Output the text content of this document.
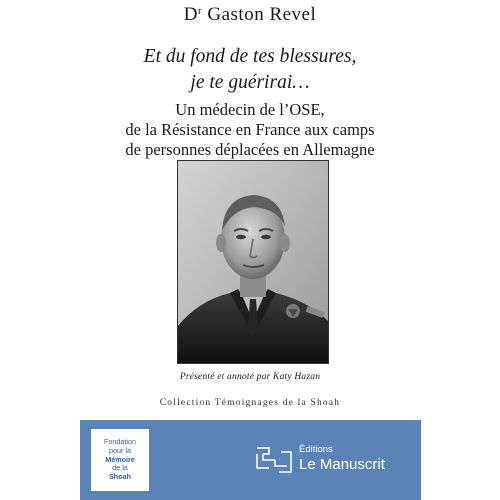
$D^r$ Gaston Revel
Et du fond de tes blessures,
je te guérirai…
Un médecin de l’OSE,
de la Résistance en France aux camps
de personnes déplacées en Allemagne
Présenté et annoté par Katy Hazan
Collection Témoignages de la Shoah
Fondation
pour la
Mémoire
de la
Shoah
Éditions
Le Manuscrit
